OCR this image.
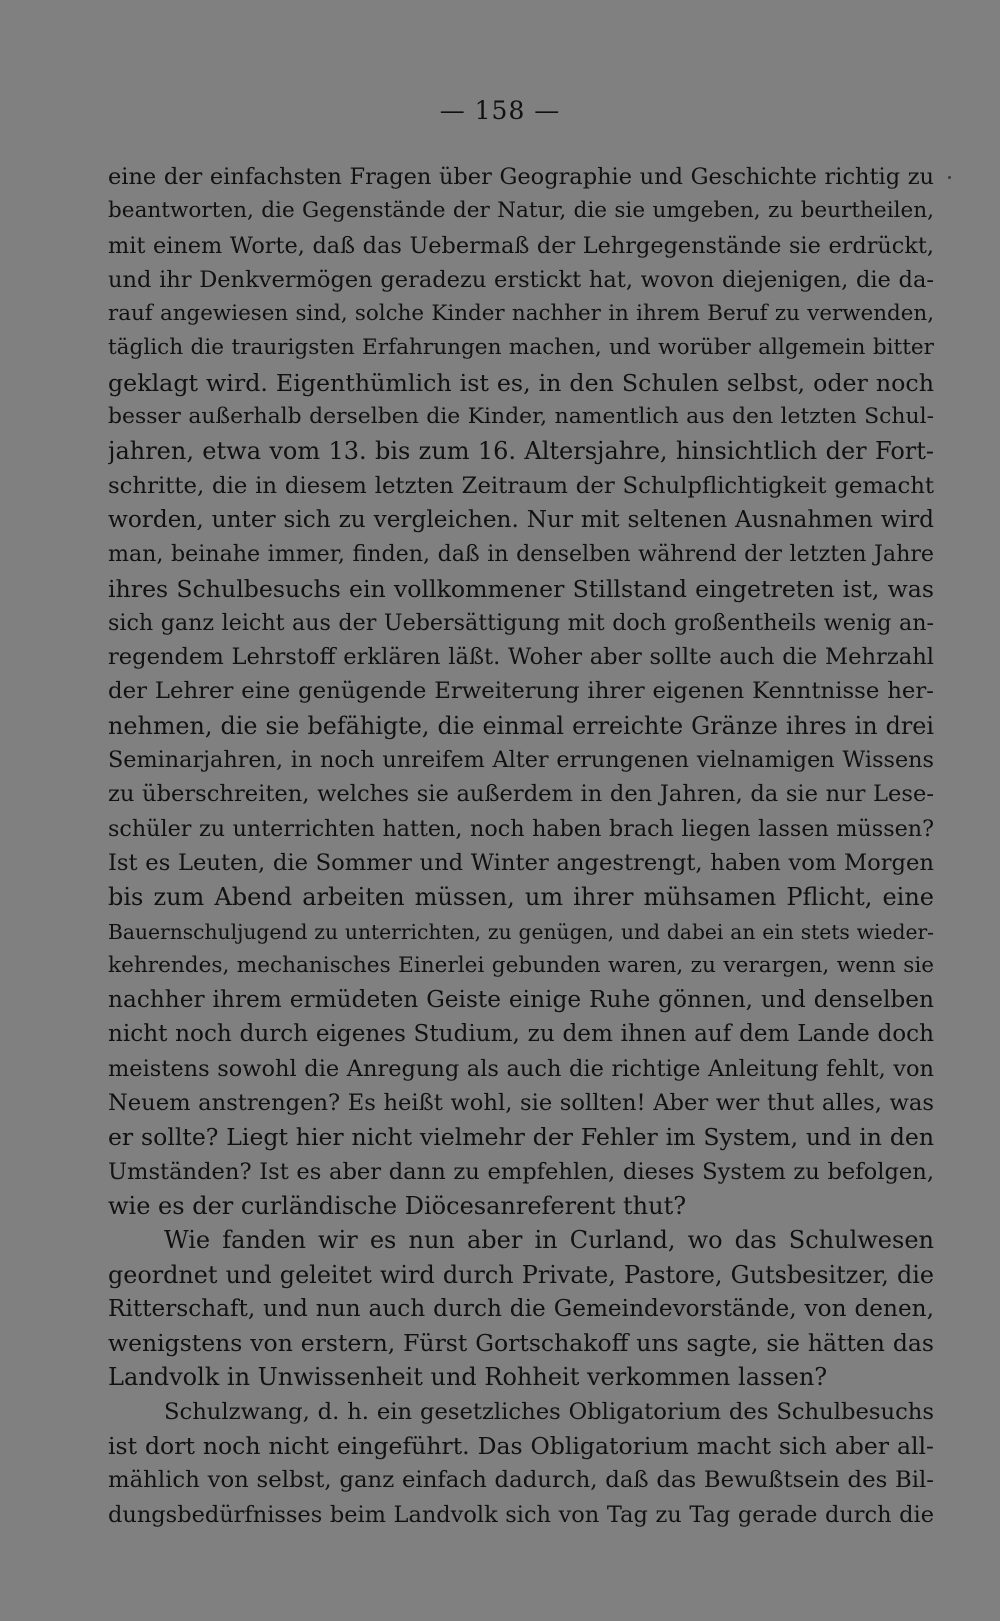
— 158 —
eine der einfachsten Fragen über Geographie und Geschichte richtig zu
beantworten, die Gegenstände der Natur, die sie umgeben, zu beurtheilen,
mit einem Worte, daß das Uebermaß der Lehrgegenstände sie erdrückt,
und ihr Denkvermögen geradezu erstickt hat, wovon diejenigen, die da-
rauf angewiesen sind, solche Kinder nachher in ihrem Beruf zu verwenden,
täglich die traurigsten Erfahrungen machen, und worüber allgemein bitter
geklagt wird. Eigenthümlich ist es, in den Schulen selbst, oder noch
besser außerhalb derselben die Kinder, namentlich aus den letzten Schul-
jahren, etwa vom 13. bis zum 16. Altersjahre, hinsichtlich der Fort-
schritte, die in diesem letzten Zeitraum der Schulpflichtigkeit gemacht
worden, unter sich zu vergleichen. Nur mit seltenen Ausnahmen wird
man, beinahe immer, finden, daß in denselben während der letzten Jahre
ihres Schulbesuchs ein vollkommener Stillstand eingetreten ist, was
sich ganz leicht aus der Uebersättigung mit doch großentheils wenig an-
regendem Lehrstoff erklären läßt. Woher aber sollte auch die Mehrzahl
der Lehrer eine genügende Erweiterung ihrer eigenen Kenntnisse her-
nehmen, die sie befähigte, die einmal erreichte Gränze ihres in drei
Seminarjahren, in noch unreifem Alter errungenen vielnamigen Wissens
zu überschreiten, welches sie außerdem in den Jahren, da sie nur Lese-
schüler zu unterrichten hatten, noch haben brach liegen lassen müssen?
Ist es Leuten, die Sommer und Winter angestrengt, haben vom Morgen
bis zum Abend arbeiten müssen, um ihrer mühsamen Pflicht, eine
Bauernschuljugend zu unterrichten, zu genügen, und dabei an ein stets wieder-
kehrendes, mechanisches Einerlei gebunden waren, zu verargen, wenn sie
nachher ihrem ermüdeten Geiste einige Ruhe gönnen, und denselben
nicht noch durch eigenes Studium, zu dem ihnen auf dem Lande doch
meistens sowohl die Anregung als auch die richtige Anleitung fehlt, von
Neuem anstrengen? Es heißt wohl, sie sollten! Aber wer thut alles, was
er sollte? Liegt hier nicht vielmehr der Fehler im System, und in den
Umständen? Ist es aber dann zu empfehlen, dieses System zu befolgen,
wie es der curländische Diöcesanreferent thut?
Wie fanden wir es nun aber in Curland, wo das Schulwesen
geordnet und geleitet wird durch Private, Pastore, Gutsbesitzer, die
Ritterschaft, und nun auch durch die Gemeindevorstände, von denen,
wenigstens von erstern, Fürst Gortschakoff uns sagte, sie hätten das
Landvolk in Unwissenheit und Rohheit verkommen lassen?
Schulzwang, d. h. ein gesetzliches Obligatorium des Schulbesuchs
ist dort noch nicht eingeführt. Das Obligatorium macht sich aber all-
mählich von selbst, ganz einfach dadurch, daß das Bewußtsein des Bil-
dungsbedürfnisses beim Landvolk sich von Tag zu Tag gerade durch die
